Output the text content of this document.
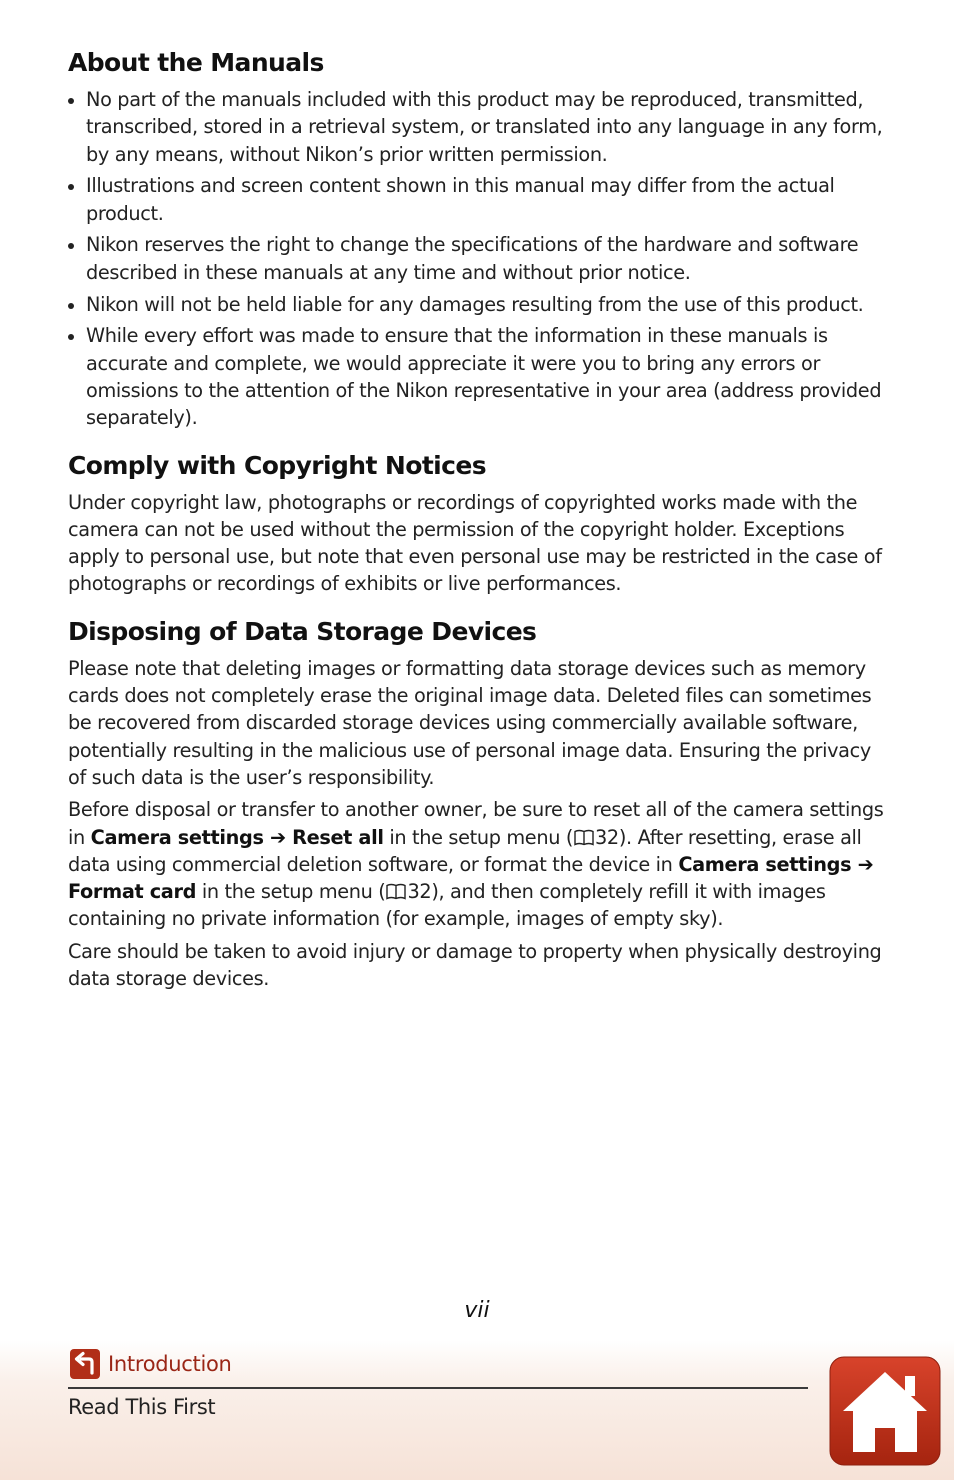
About the Manuals
No part of the manuals included with this product may be reproduced, transmitted, transcribed, stored in a retrieval system, or translated into any language in any form, by any means, without Nikon’s prior written permission.
Illustrations and screen content shown in this manual may differ from the actual product.
Nikon reserves the right to change the specifications of the hardware and software described in these manuals at any time and without prior notice.
Nikon will not be held liable for any damages resulting from the use of this product.
While every effort was made to ensure that the information in these manuals is accurate and complete, we would appreciate it were you to bring any errors or omissions to the attention of the Nikon representative in your area (address provided separately).
Comply with Copyright Notices

Under copyright law, photographs or recordings of copyrighted works made with the camera can not be used without the permission of the copyright holder. Exceptions apply to personal use, but note that even personal use may be restricted in the case of photographs or recordings of exhibits or live performances.

Disposing of Data Storage Devices

Please note that deleting images or formatting data storage devices such as memory cards does not completely erase the original image data. Deleted files can sometimes be recovered from discarded storage devices using commercially available software, potentially resulting in the malicious use of personal image data. Ensuring the privacy of such data is the user’s responsibility.

Before disposal or transfer to another owner, be sure to reset all of the camera settings in Camera settings ➔ Reset all in the setup menu ( 32). After resetting, erase all data using commercial deletion software, or format the device in Camera settings ➔ Format card in the setup menu ( 32), and then completely refill it with images containing no private information (for example, images of empty sky).

Care should be taken to avoid injury or damage to property when physically destroying data storage devices.

vii
Introduction
Read This First
